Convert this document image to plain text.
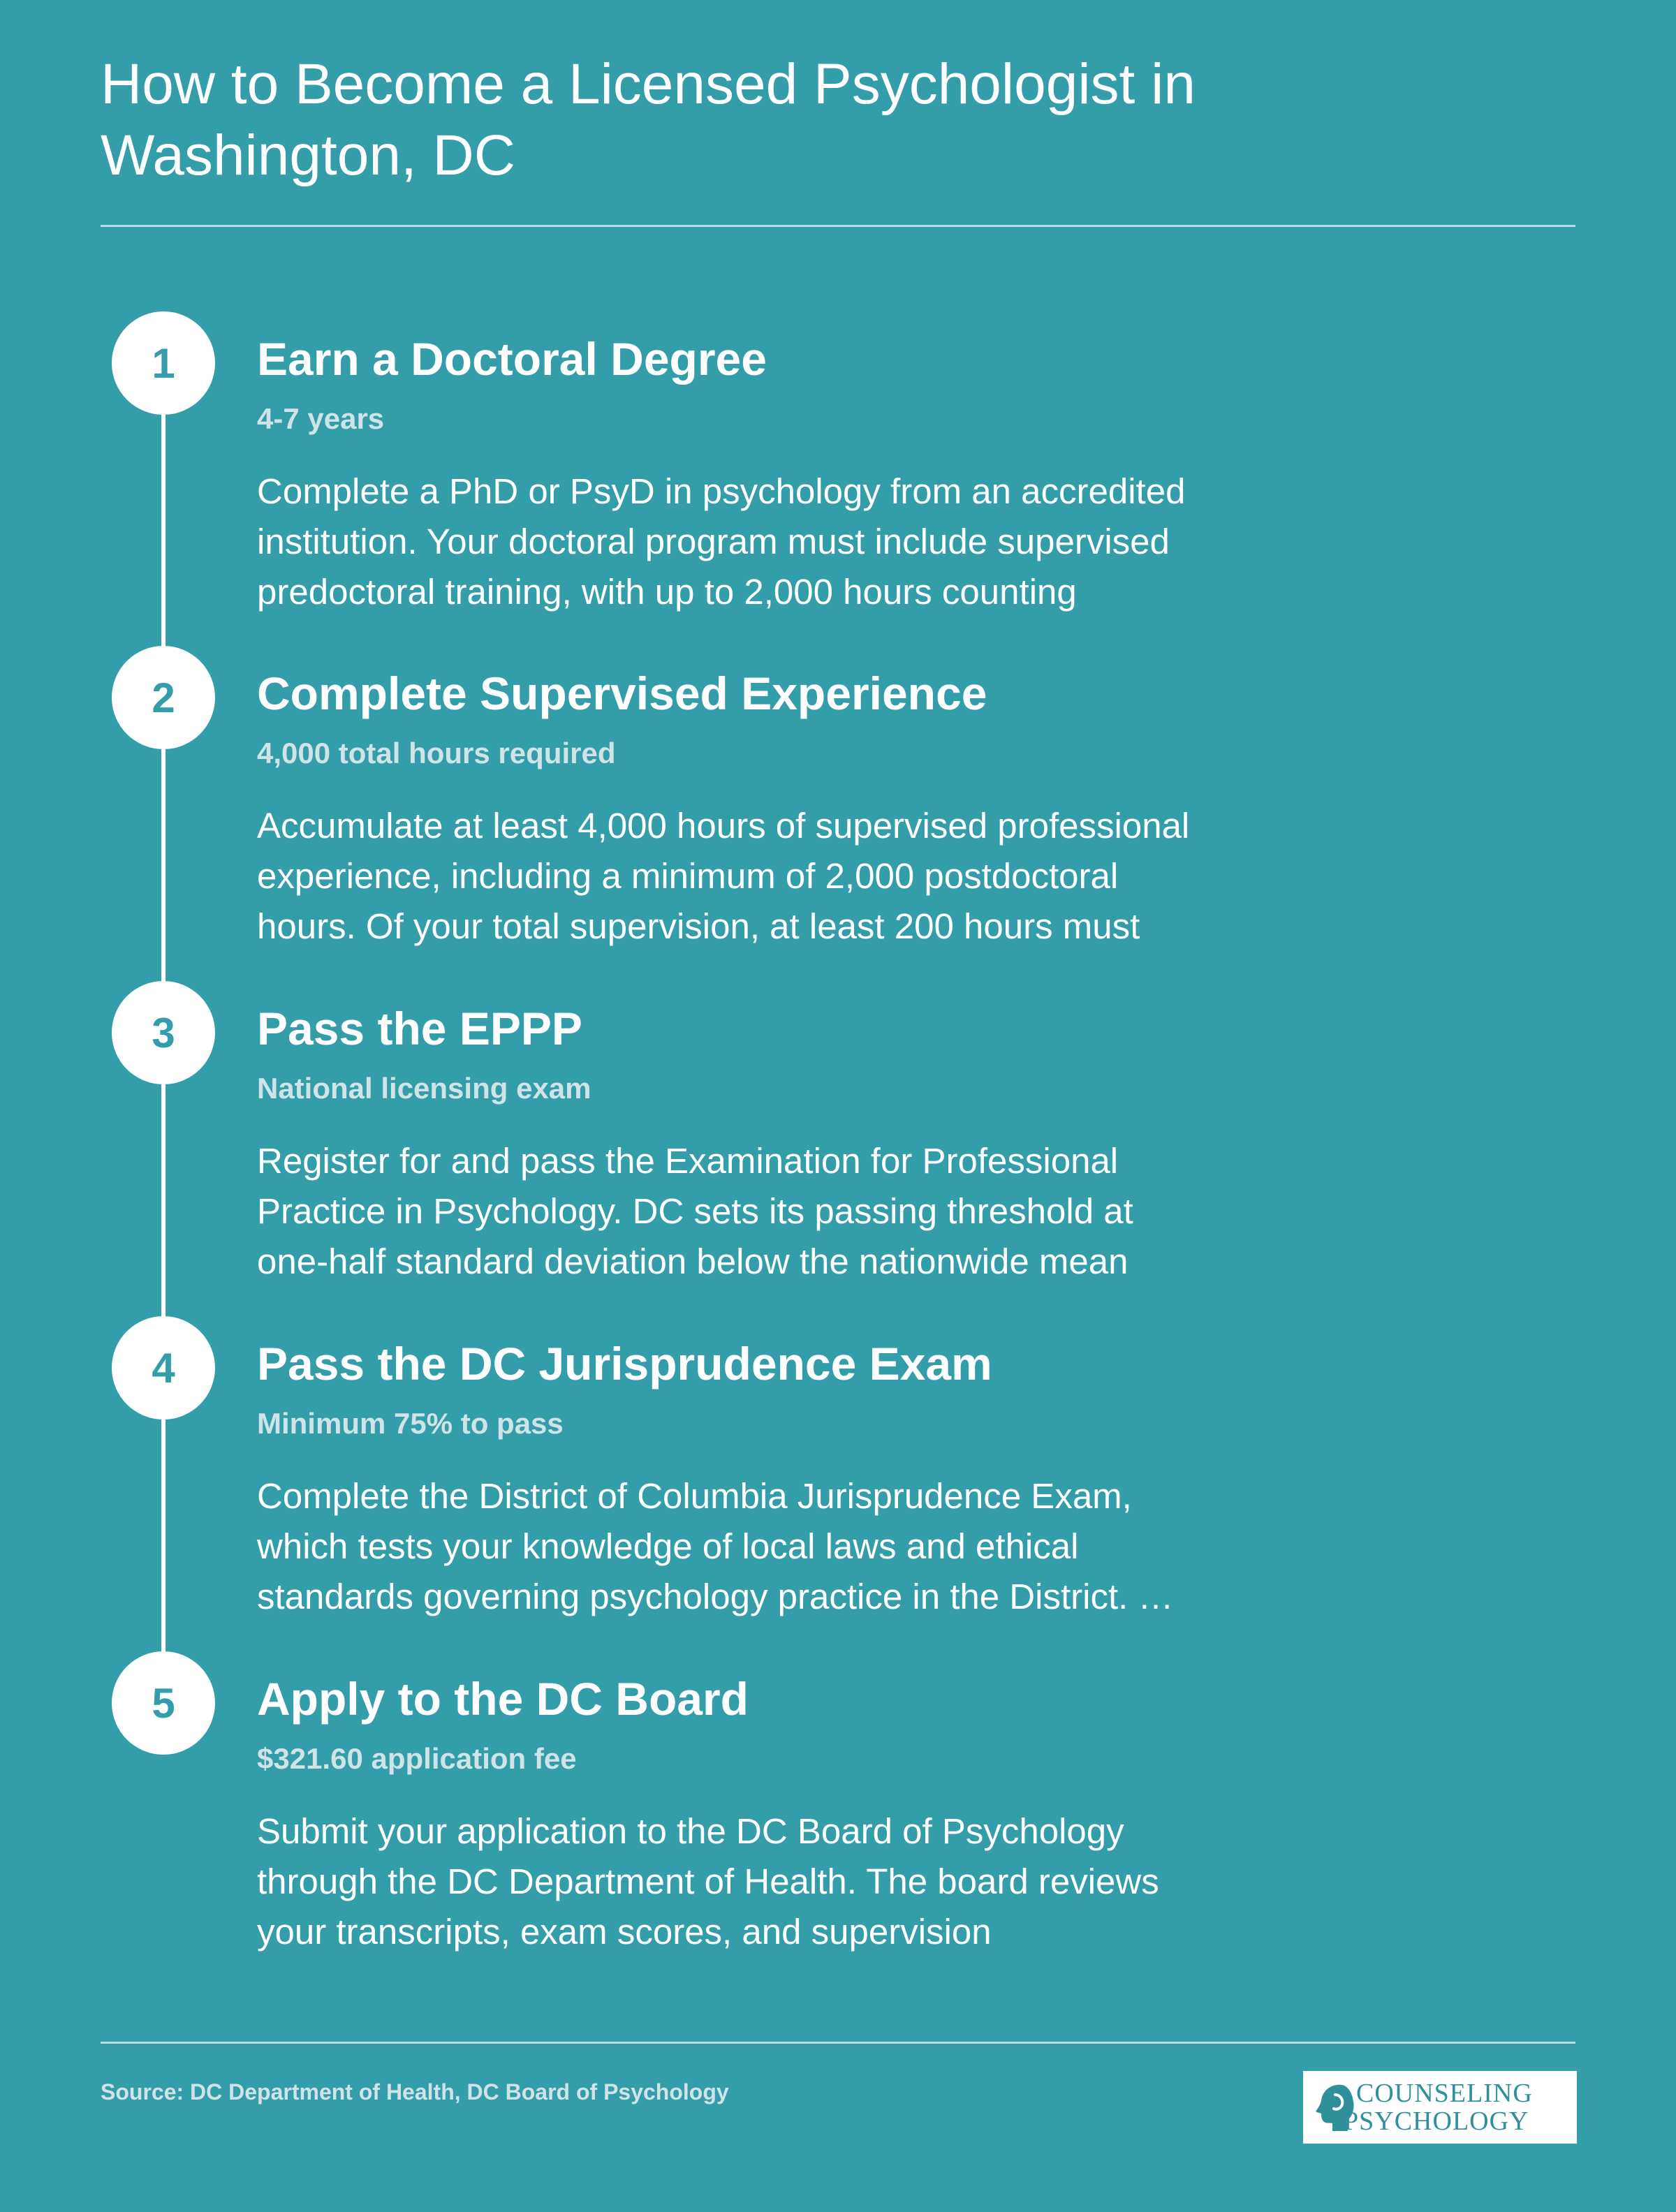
How to Become a Licensed Psychologist in
Washington, DC
1	Earn a Doctoral Degree
4-7 years
Complete a PhD or PsyD in psychology from an accredited
institution. Your doctoral program must include supervised
predoctoral training, with up to 2,000 hours counting
2	Complete Supervised Experience
4,000 total hours required
Accumulate at least 4,000 hours of supervised professional
experience, including a minimum of 2,000 postdoctoral
hours. Of your total supervision, at least 200 hours must
3	Pass the EPPP
National licensing exam
Register for and pass the Examination for Professional
Practice in Psychology. DC sets its passing threshold at
one-half standard deviation below the nationwide mean
4	Pass the DC Jurisprudence Exam
Minimum 75% to pass
Complete the District of Columbia Jurisprudence Exam,
which tests your knowledge of local laws and ethical
standards governing psychology practice in the District. …
5	Apply to the DC Board
$321.60 application fee
Submit your application to the DC Board of Psychology
through the DC Department of Health. The board reviews
your transcripts, exam scores, and supervision
Source: DC Department of Health, DC Board of Psychology	COUNSELING
PSYCHOLOGY
